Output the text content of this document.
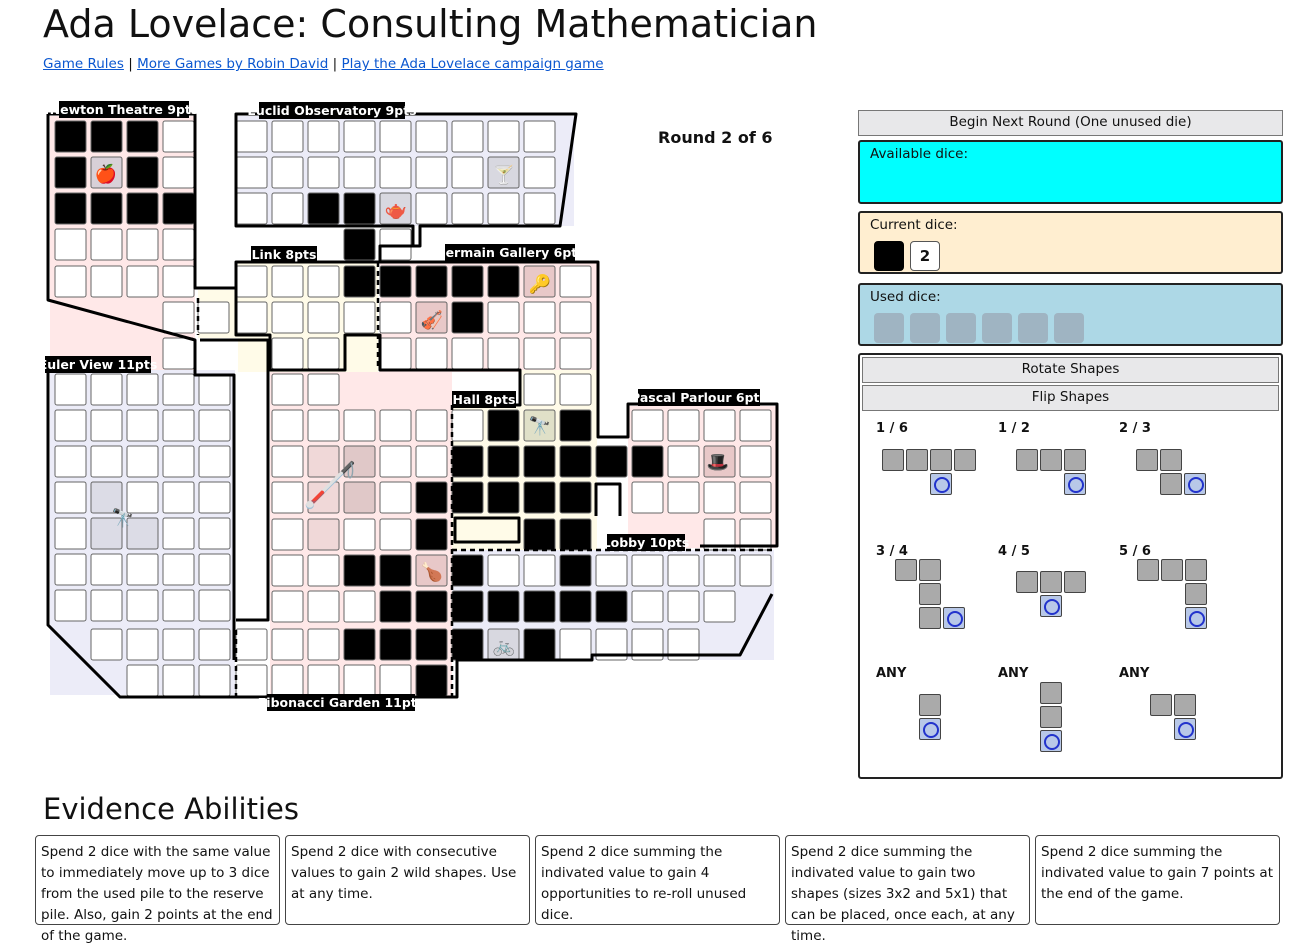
Ada Lovelace: Consulting Mathematician
Game Rules | More Games by Robin David | Play the Ada Lovelace campaign game
🍎	🍸
🫖
🔑
🎻
🔭
🎩
🔭
🍗
🚲
🦯
Newton Theatre 9pts	Euclid Observatory 9pts
Link 8pts	Germain Gallery 6pts
Euler View 11pts
Hall 8pts	Pascal Parlour 6pts
Lobby 10pts
Fibonacci Garden 11pts
Round 2 of 6
Begin Next Round (One unused die)
Available dice:
Current dice:
2
Used dice:
Rotate Shapes
Flip Shapes
1 / 6	1 / 2	2 / 3
3 / 4	4 / 5	5 / 6
ANY	ANY	ANY
Evidence Abilities
Spend 2 dice with the same value to immediately move up to 3 dice from the used pile to the reserve pile. Also, gain 2 points at the end of the game.
Spend 2 dice with consecutive values to gain 2 wild shapes. Use at any time.
Spend 2 dice summing the indivated value to gain 4 opportunities to re-roll unused dice.
Spend 2 dice summing the indivated value to gain two shapes (sizes 3x2 and 5x1) that can be placed, once each, at any time.
Spend 2 dice summing the indivated value to gain 7 points at the end of the game.
